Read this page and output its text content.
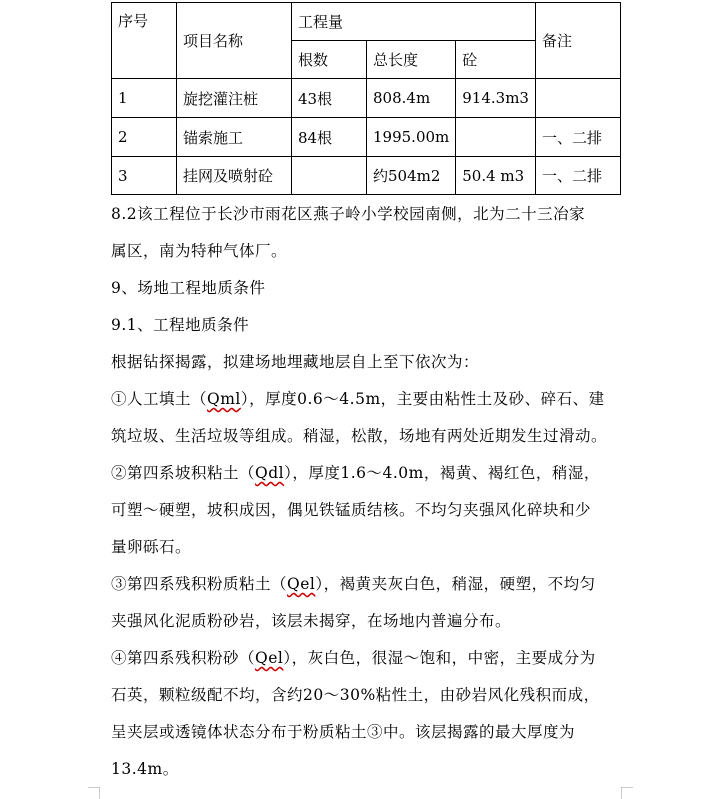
序号	项目名称	工程量			备注
		根数	总长度	砼	
1	旋挖灌注桩	43根	808.4m	914.3m3	
2	锚索施工	84根	1995.00m		一、二排
3	挂网及喷射砼		约504m2	50.4 m3	一、二排

8.2该工程位于长沙市雨花区燕子岭小学校园南侧，北为二十三冶家

属区，南为特种气体厂。

9、场地工程地质条件

9.1、工程地质条件

根据钻探揭露，拟建场地埋藏地层自上至下依次为：

①人工填土（Qml），厚度0.6～4.5m，主要由粘性土及砂、碎石、建

筑垃圾、生活垃圾等组成。稍湿，松散，场地有两处近期发生过滑动。

②第四系坡积粘土（Qdl），厚度1.6～4.0m，褐黄、褐红色，稍湿，

可塑～硬塑，坡积成因，偶见铁锰质结核。不均匀夹强风化碎块和少

量卵砾石。

③第四系残积粉质粘土（Qel），褐黄夹灰白色，稍湿，硬塑，不均匀

夹强风化泥质粉砂岩，该层未揭穿，在场地内普遍分布。

④第四系残积粉砂（Qel），灰白色，很湿～饱和，中密，主要成分为

石英，颗粒级配不均，含约20～30%粘性土，由砂岩风化残积而成，

呈夹层或透镜体状态分布于粉质粘土③中。该层揭露的最大厚度为

13.4m。
